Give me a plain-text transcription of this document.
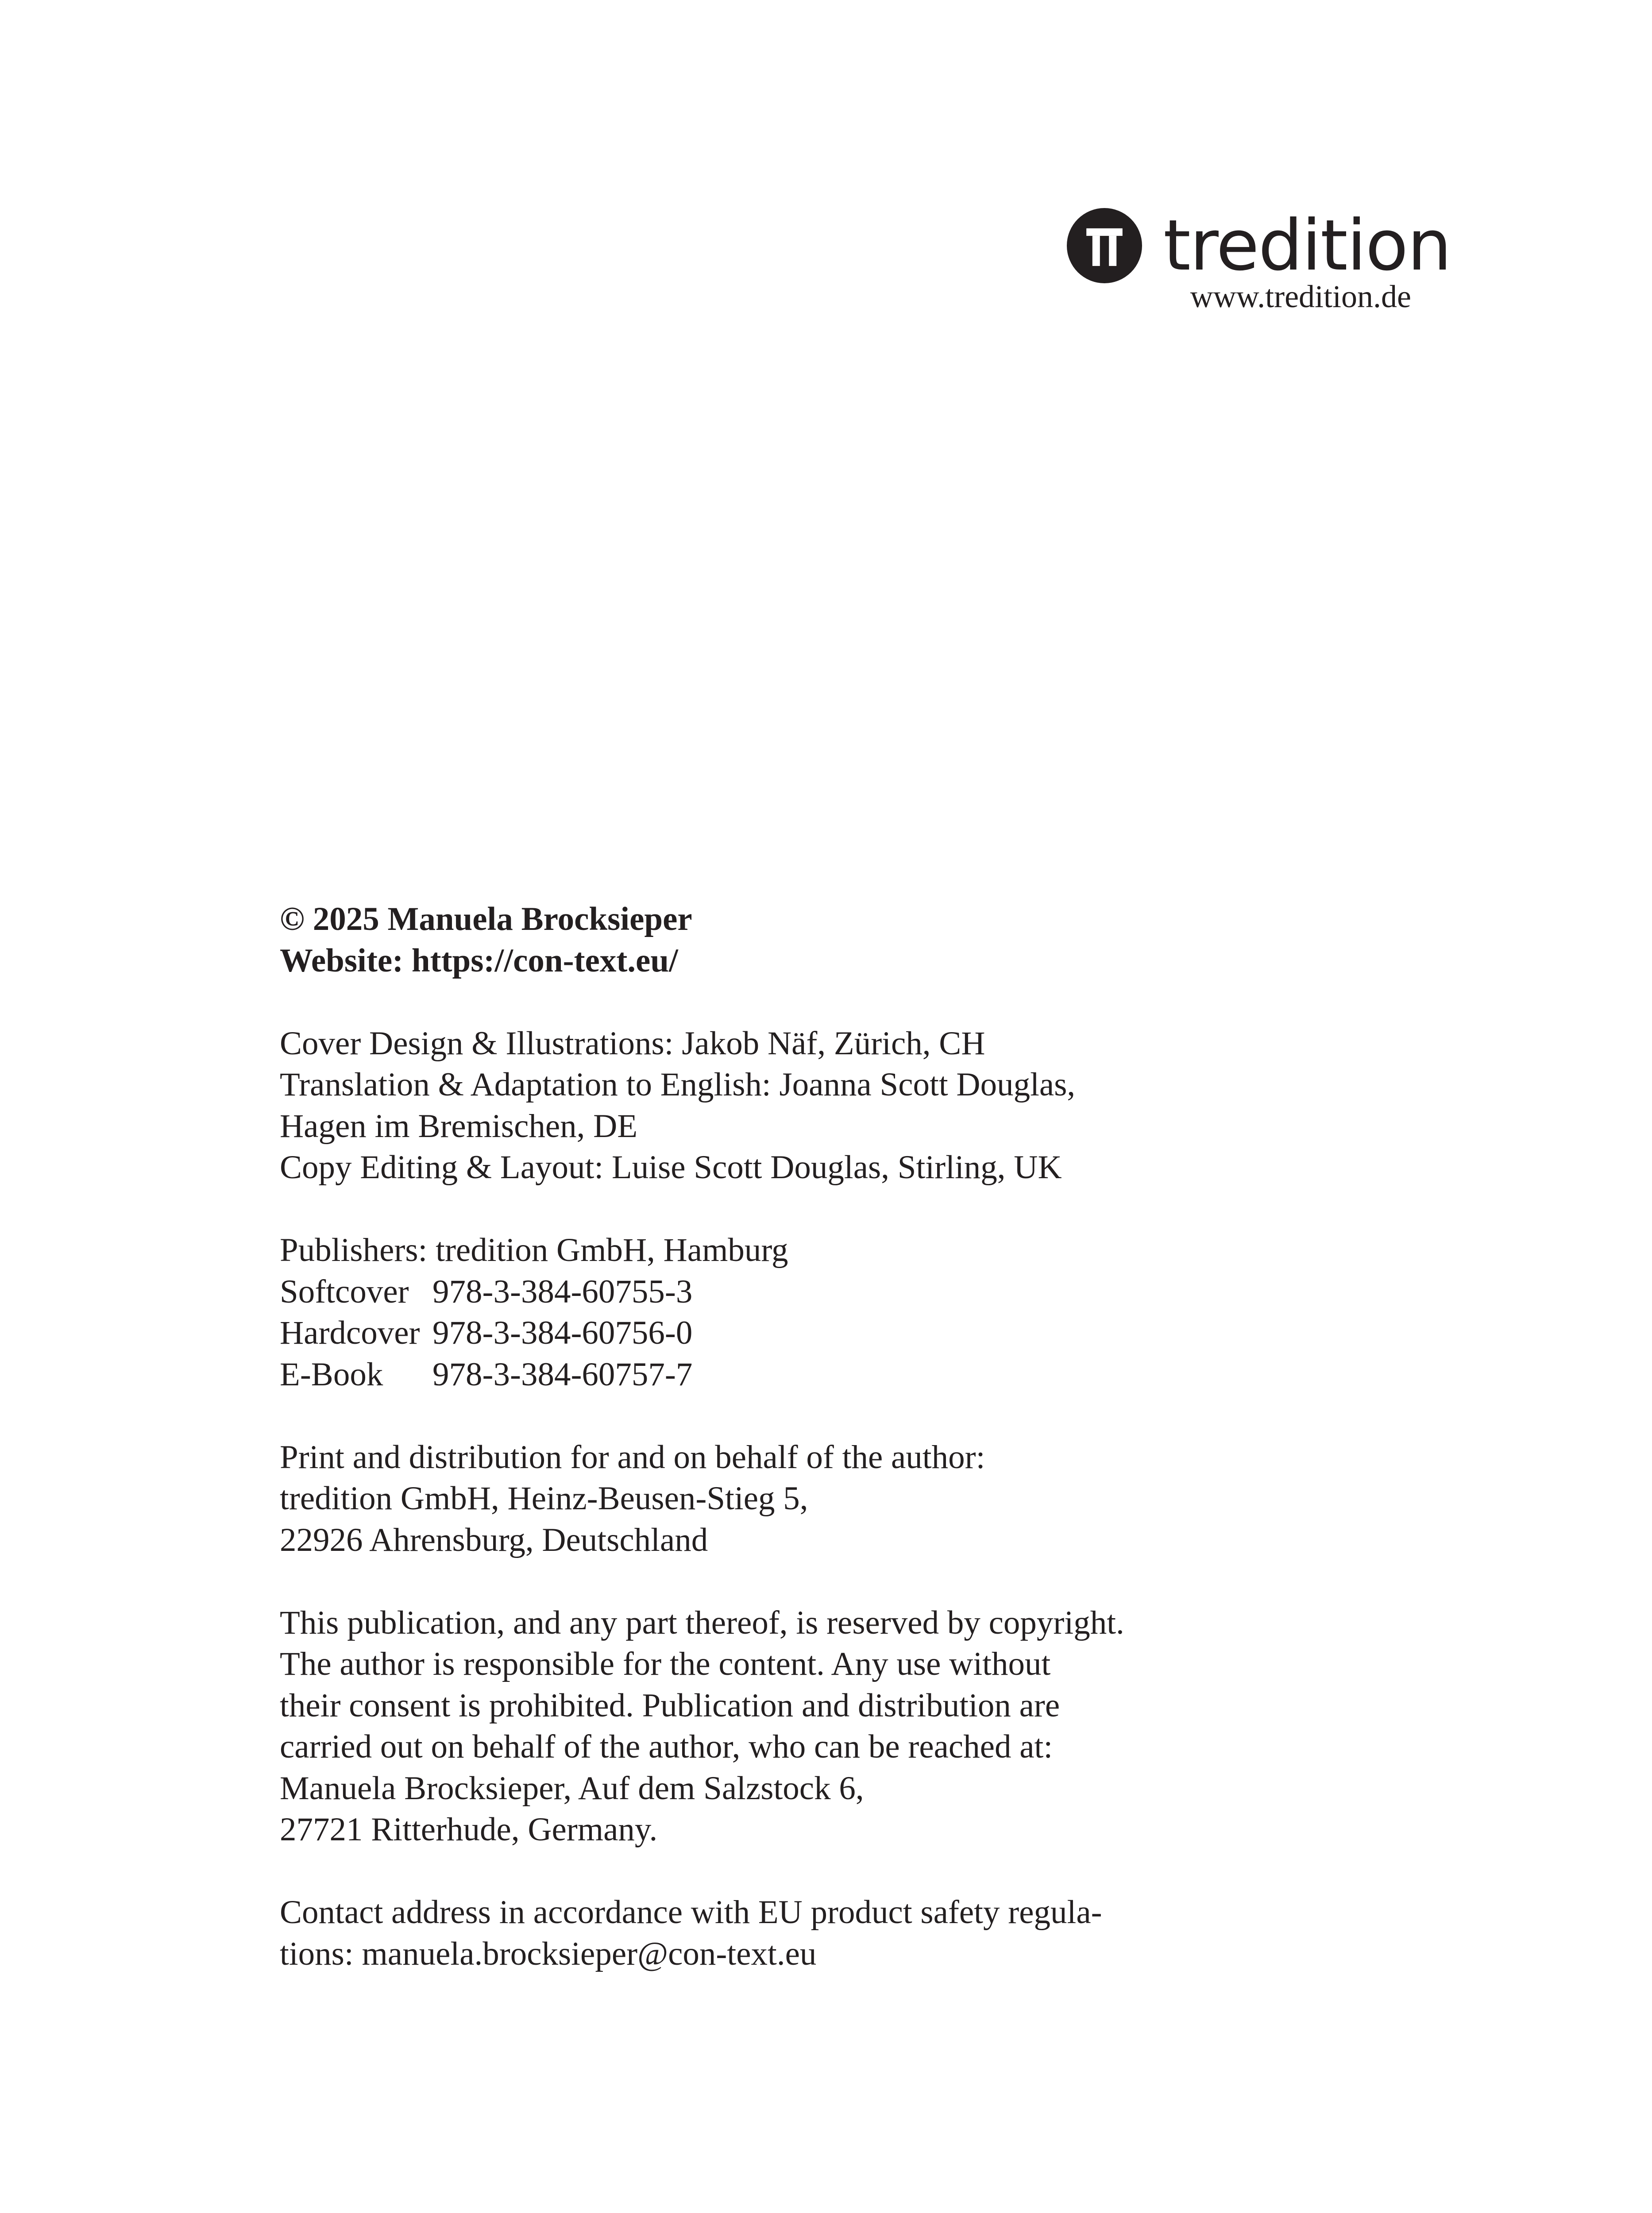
tredition
www.tredition.de
© 2025 Manuela Brocksieper
Website: https://con-text.eu/
Cover Design & Illustrations: Jakob Näf, Zürich, CH
Translation & Adaptation to English: Joanna Scott Douglas,
Hagen im Bremischen, DE
Copy Editing & Layout: Luise Scott Douglas, Stirling, UK
Publishers: tredition GmbH, Hamburg
Softcover 978-3-384-60755-3
Hardcover 978-3-384-60756-0
E-Book 978-3-384-60757-7
Print and distribution for and on behalf of the author:
tredition GmbH, Heinz-Beusen-Stieg 5,
22926 Ahrensburg, Deutschland
This publication, and any part thereof, is reserved by copyright.
The author is responsible for the content. Any use without
their consent is prohibited. Publication and distribution are
carried out on behalf of the author, who can be reached at:
Manuela Brocksieper, Auf dem Salzstock 6,
27721 Ritterhude, Germany.
Contact address in accordance with EU product safety regula-
tions: manuela.brocksieper@con-text.eu
